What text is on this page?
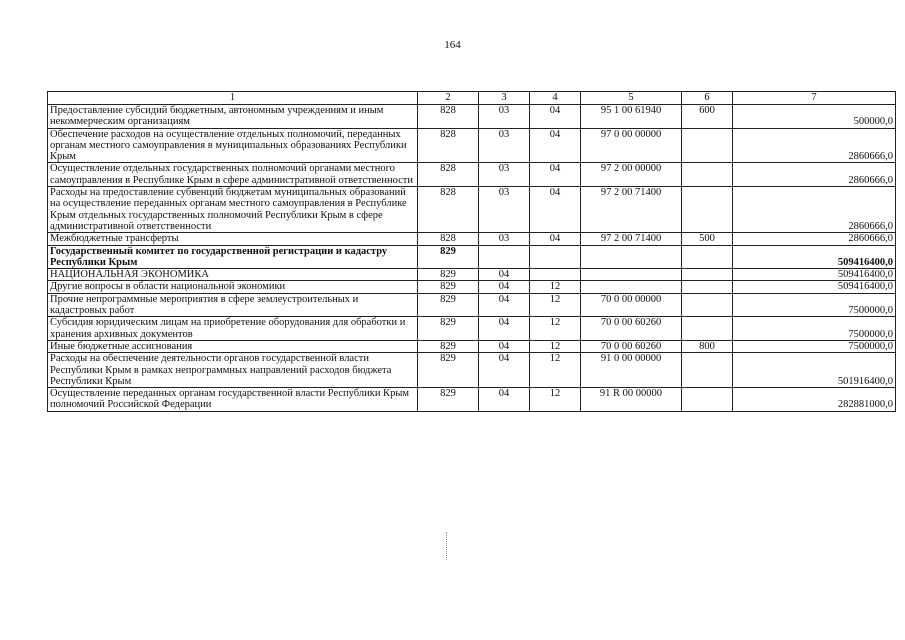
164
1	2	3	4	5	6	7
Предоставление субсидий бюджетным, автономным учреждениям и иным некоммерческим организациям	828	03	04	95 1 00 61940	600	500000,0
Обеспечение расходов на осуществление отдельных полномочий, переданных органам местного самоуправления в муниципальных образованиях Республики Крым	828	03	04	97 0 00 00000		2860666,0
Осуществление отдельных государственных полномочий органами местного самоуправления в Республике Крым в сфере административной ответственности	828	03	04	97 2 00 00000		2860666,0
Расходы на предоставление субвенций бюджетам муниципальных образований на осуществление переданных органам местного самоуправления в Республике Крым отдельных государственных полномочий Республики Крым в сфере административной ответственности	828	03	04	97 2 00 71400		2860666,0
Межбюджетные трансферты	828	03	04	97 2 00 71400	500	2860666,0
Государственный комитет по государственной регистрации и кадастру Республики Крым	829					509416400,0
НАЦИОНАЛЬНАЯ ЭКОНОМИКА	829	04				509416400,0
Другие вопросы в области национальной экономики	829	04	12			509416400,0
Прочие непрограммные мероприятия в сфере землеустроительных и кадастровых работ	829	04	12	70 0 00 00000		7500000,0
Субсидия юридическим лицам на приобретение оборудования для обработки и хранения архивных документов	829	04	12	70 0 00 60260		7500000,0
Иные бюджетные ассигнования	829	04	12	70 0 00 60260	800	7500000,0
Расходы на обеспечение деятельности органов государственной власти Республики Крым в рамках непрограммных направлений расходов бюджета Республики Крым	829	04	12	91 0 00 00000		501916400,0
Осуществление переданных органам государственной власти Республики Крым полномочий Российской Федерации	829	04	12	91 R 00 00000		282881000,0
